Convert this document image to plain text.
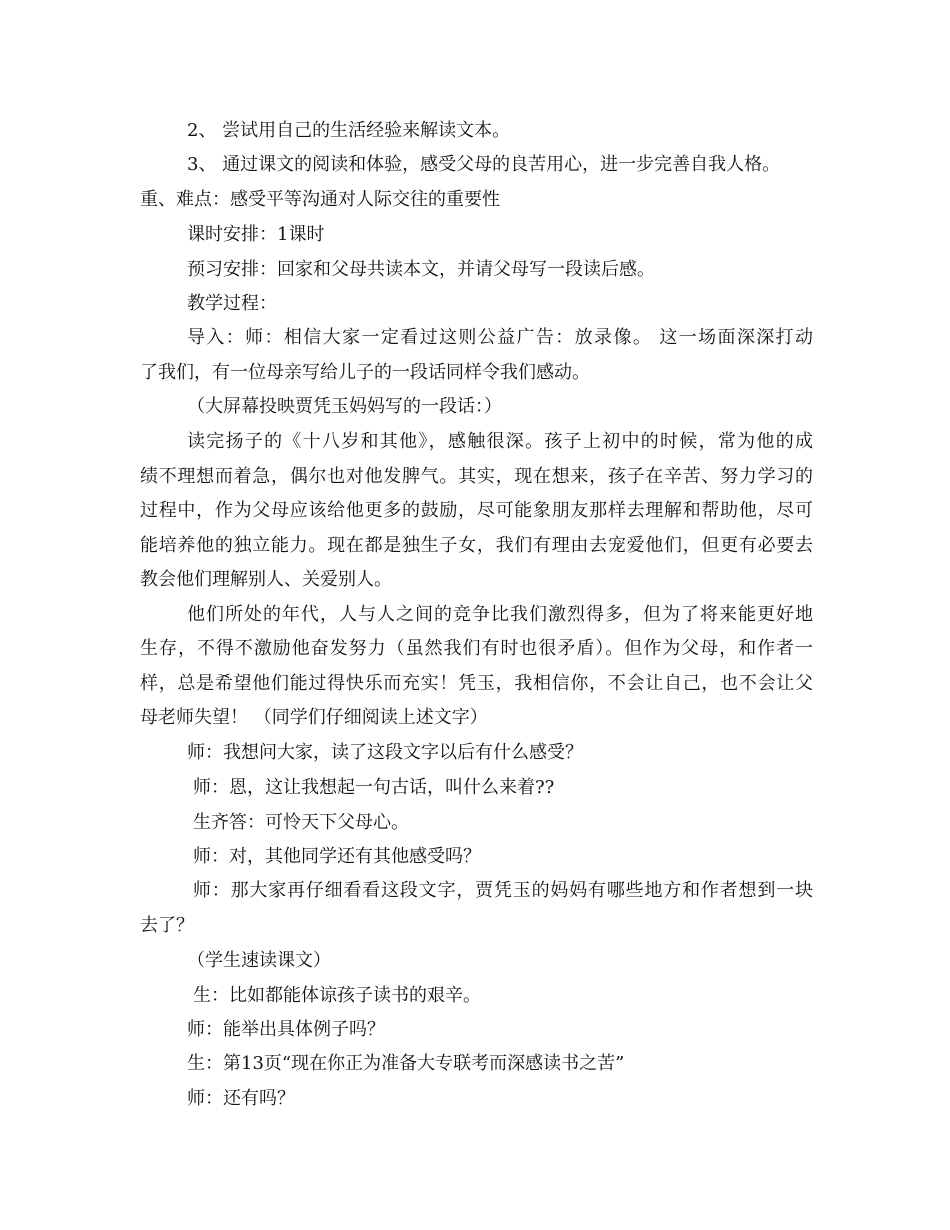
2、 尝试用自己的生活经验来解读文本。

3、 通过课文的阅读和体验，感受父母的良苦用心，进一步完善自我人格。

重、难点：感受平等沟通对人际交往的重要性

课时安排：1课时

预习安排：回家和父母共读本文，并请父母写一段读后感。

教学过程：

导入：师：相信大家一定看过这则公益广告：放录像。 这一场面深深打动

了我们，有一位母亲写给儿子的一段话同样令我们感动。

（大屏幕投映贾凭玉妈妈写的一段话：）

读完扬子的《十八岁和其他》，感触很深。孩子上初中的时候，常为他的成

绩不理想而着急，偶尔也对他发脾气。其实，现在想来，孩子在辛苦、努力学习的

过程中，作为父母应该给他更多的鼓励，尽可能象朋友那样去理解和帮助他，尽可

能培养他的独立能力。现在都是独生子女，我们有理由去宠爱他们，但更有必要去

教会他们理解别人、关爱别人。

他们所处的年代，人与人之间的竞争比我们激烈得多，但为了将来能更好地

生存，不得不激励他奋发努力（虽然我们有时也很矛盾）。但作为父母，和作者一

样，总是希望他们能过得快乐而充实！凭玉，我相信你，不会让自己，也不会让父

母老师失望！ （同学们仔细阅读上述文字）

师：我想问大家，读了这段文字以后有什么感受？

师：恩，这让我想起一句古话，叫什么来着??

生齐答：可怜天下父母心。

师：对，其他同学还有其他感受吗？

师：那大家再仔细看看这段文字，贾凭玉的妈妈有哪些地方和作者想到一块

去了？

（学生速读课文）

生：比如都能体谅孩子读书的艰辛。

师：能举出具体例子吗？

生：第13页“现在你正为准备大专联考而深感读书之苦”

师：还有吗？
